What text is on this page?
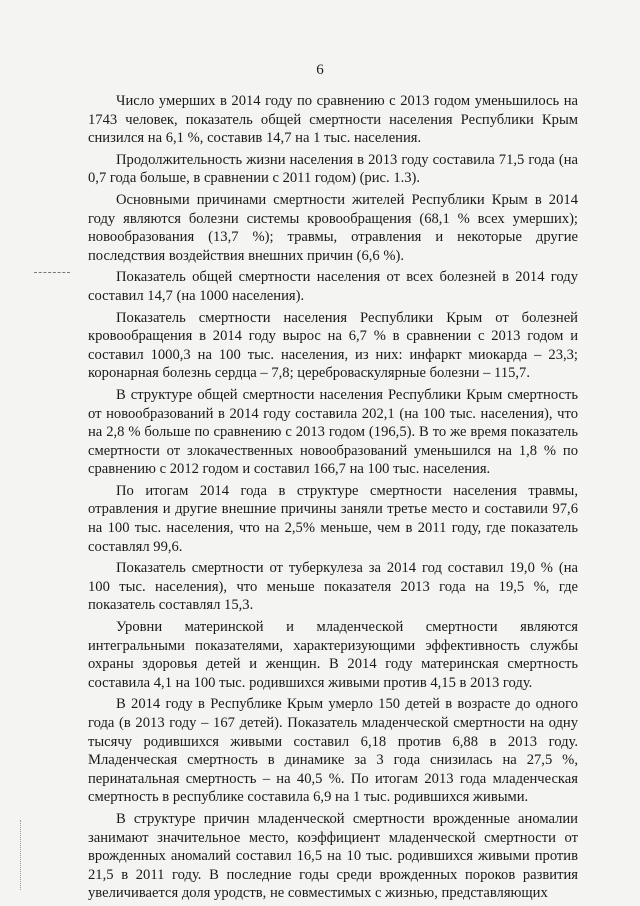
6

Число умерших в 2014 году по сравнению с 2013 годом уменьшилось на 1743 человек, показатель общей смертности населения Республики Крым снизился на 6,1 %, составив 14,7 на 1 тыс. населения.

Продолжительность жизни населения в 2013 году составила 71,5 года (на 0,7 года больше, в сравнении с 2011 годом) (рис. 1.3).

Основными причинами смертности жителей Республики Крым в 2014 году являются болезни системы кровообращения (68,1 % всех умерших); новообразования (13,7 %); травмы, отравления и некоторые другие последствия воздействия внешних причин (6,6 %).

Показатель общей смертности населения от всех болезней в 2014 году составил 14,7 (на 1000 населения).

Показатель смертности населения Республики Крым от болезней кровообращения в 2014 году вырос на 6,7 % в сравнении с 2013 годом и составил 1000,3 на 100 тыс. населения, из них: инфаркт миокарда – 23,3; коронарная болезнь сердца – 7,8; цереброваскулярные болезни – 115,7.

В структуре общей смертности населения Республики Крым смертность от новообразований в 2014 году составила 202,1 (на 100 тыс. населения), что на 2,8 % больше по сравнению с 2013 годом (196,5). В то же время показатель смертности от злокачественных новообразований уменьшился на 1,8 % по сравнению с 2012 годом и составил 166,7 на 100 тыс. населения.

По итогам 2014 года в структуре смертности населения травмы, отравления и другие внешние причины заняли третье место и составили 97,6 на 100 тыс. населения, что на 2,5% меньше, чем в 2011 году, где показатель составлял 99,6.

Показатель смертности от туберкулеза за 2014 год составил 19,0 % (на 100 тыс. населения), что меньше показателя 2013 года на 19,5 %, где показатель составлял 15,3.

Уровни материнской и младенческой смертности являются интегральными показателями, характеризующими эффективность службы охраны здоровья детей и женщин. В 2014 году материнская смертность составила 4,1 на 100 тыс. родившихся живыми против 4,15 в 2013 году.

В 2014 году в Республике Крым умерло 150 детей в возрасте до одного года (в 2013 году – 167 детей). Показатель младенческой смертности на одну тысячу родившихся живыми составил 6,18 против 6,88 в 2013 году. Младенческая смертность в динамике за 3 года снизилась на 27,5 %, перинатальная смертность – на 40,5 %. По итогам 2013 года младенческая смертность в республике составила 6,9 на 1 тыс. родившихся живыми.

В структуре причин младенческой смертности врожденные аномалии занимают значительное место, коэффициент младенческой смертности от врожденных аномалий составил 16,5 на 10 тыс. родившихся живыми против 21,5 в 2011 году. В последние годы среди врожденных пороков развития увеличивается доля уродств, не совместимых с жизнью, представляющих
